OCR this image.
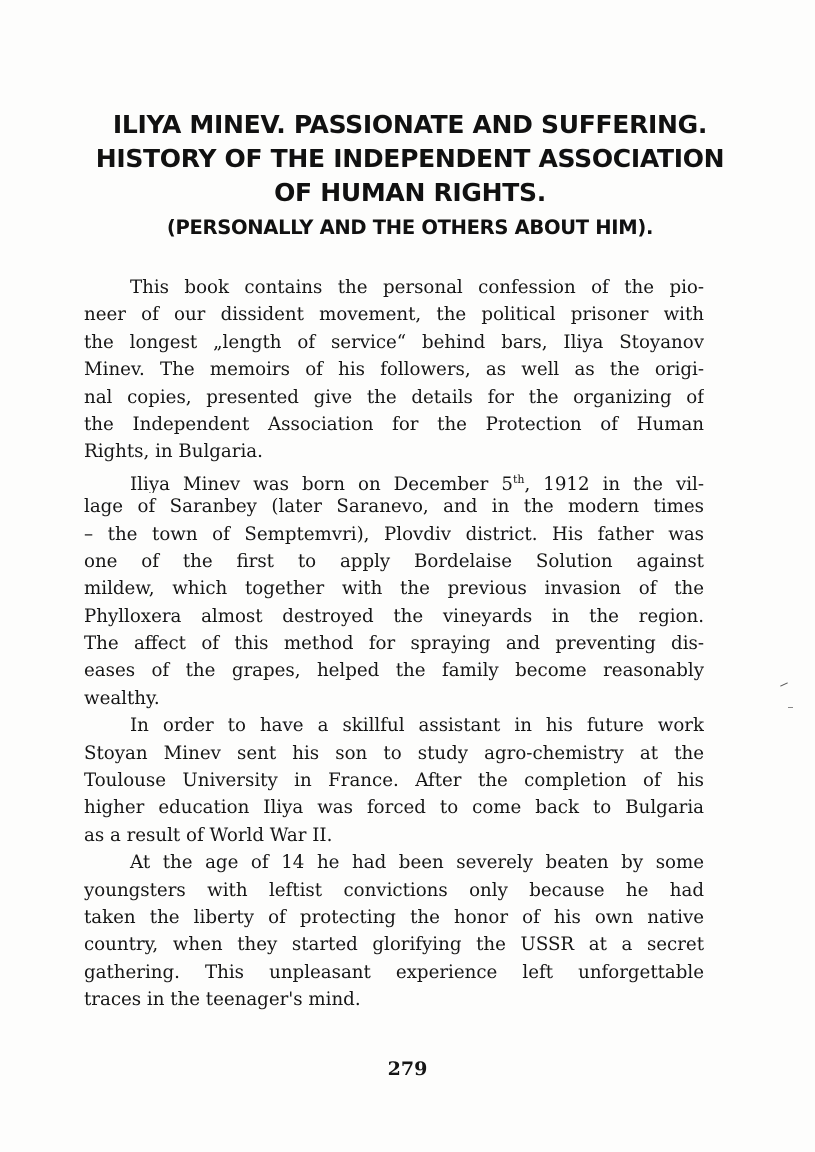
ILIYA MINEV. PASSIONATE AND SUFFERING.
HISTORY OF THE INDEPENDENT ASSOCIATION
OF HUMAN RIGHTS.
(PERSONALLY AND THE OTHERS ABOUT HIM).
This book contains the personal confession of the pio-
neer of our dissident movement, the political prisoner with
the longest „length of service“ behind bars, Iliya Stoyanov
Minev. The memoirs of his followers, as well as the origi-
nal copies, presented give the details for the organizing of
the Independent Association for the Protection of Human
Rights, in Bulgaria.
Iliya Minev was born on December 5th, 1912 in the vil-
lage of Saranbey (later Saranevo, and in the modern times
– the town of Semptemvri), Plovdiv district. His father was
one of the first to apply Bordelaise Solution against
mildew, which together with the previous invasion of the
Phylloxera almost destroyed the vineyards in the region.
The affect of this method for spraying and preventing dis-
eases of the grapes, helped the family become reasonably
wealthy.
In order to have a skillful assistant in his future work
Stoyan Minev sent his son to study agro-chemistry at the
Toulouse University in France. After the completion of his
higher education Iliya was forced to come back to Bulgaria
as a result of World War II.
At the age of 14 he had been severely beaten by some
youngsters with leftist convictions only because he had
taken the liberty of protecting the honor of his own native
country, when they started glorifying the USSR at a secret
gathering. This unpleasant experience left unforgettable
traces in the teenager's mind.
279
